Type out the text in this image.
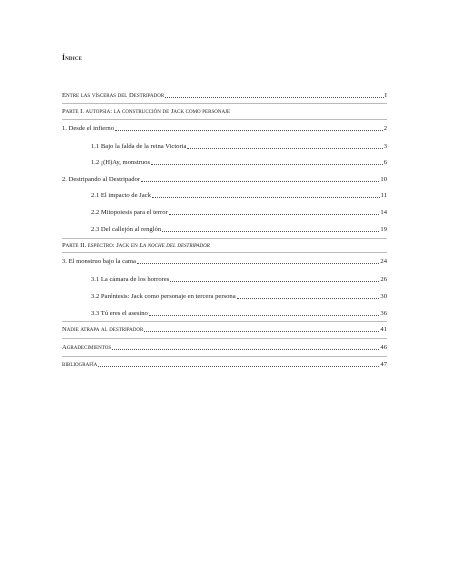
Índice
Entre las vísceras del Destripador	I
Parte I. autopsia: la construcción de Jack como personaje
1. Desde el infierno	2
1.1 Bajo la falda de la reina Victoria	3
1.2 ¡(H)Ay, monstruos	6
2. Destripando al Destripador	10
2.1 El impacto de Jack	11
2.2 Mitopoiesis para el terror	14
2.3 Del callejón al renglón	19
Parte II. espectro: Jack en La noche del destripador
3. El monstruo bajo la cama	24
3.1 La cámara de los horrores	26
3.2 Paréntesis: Jack como personaje en tercera persona	30
3.3 Tú eres el asesino	36
Nadie atrapa al destripador	41
Agradecimientos	46
bibliografía	47
